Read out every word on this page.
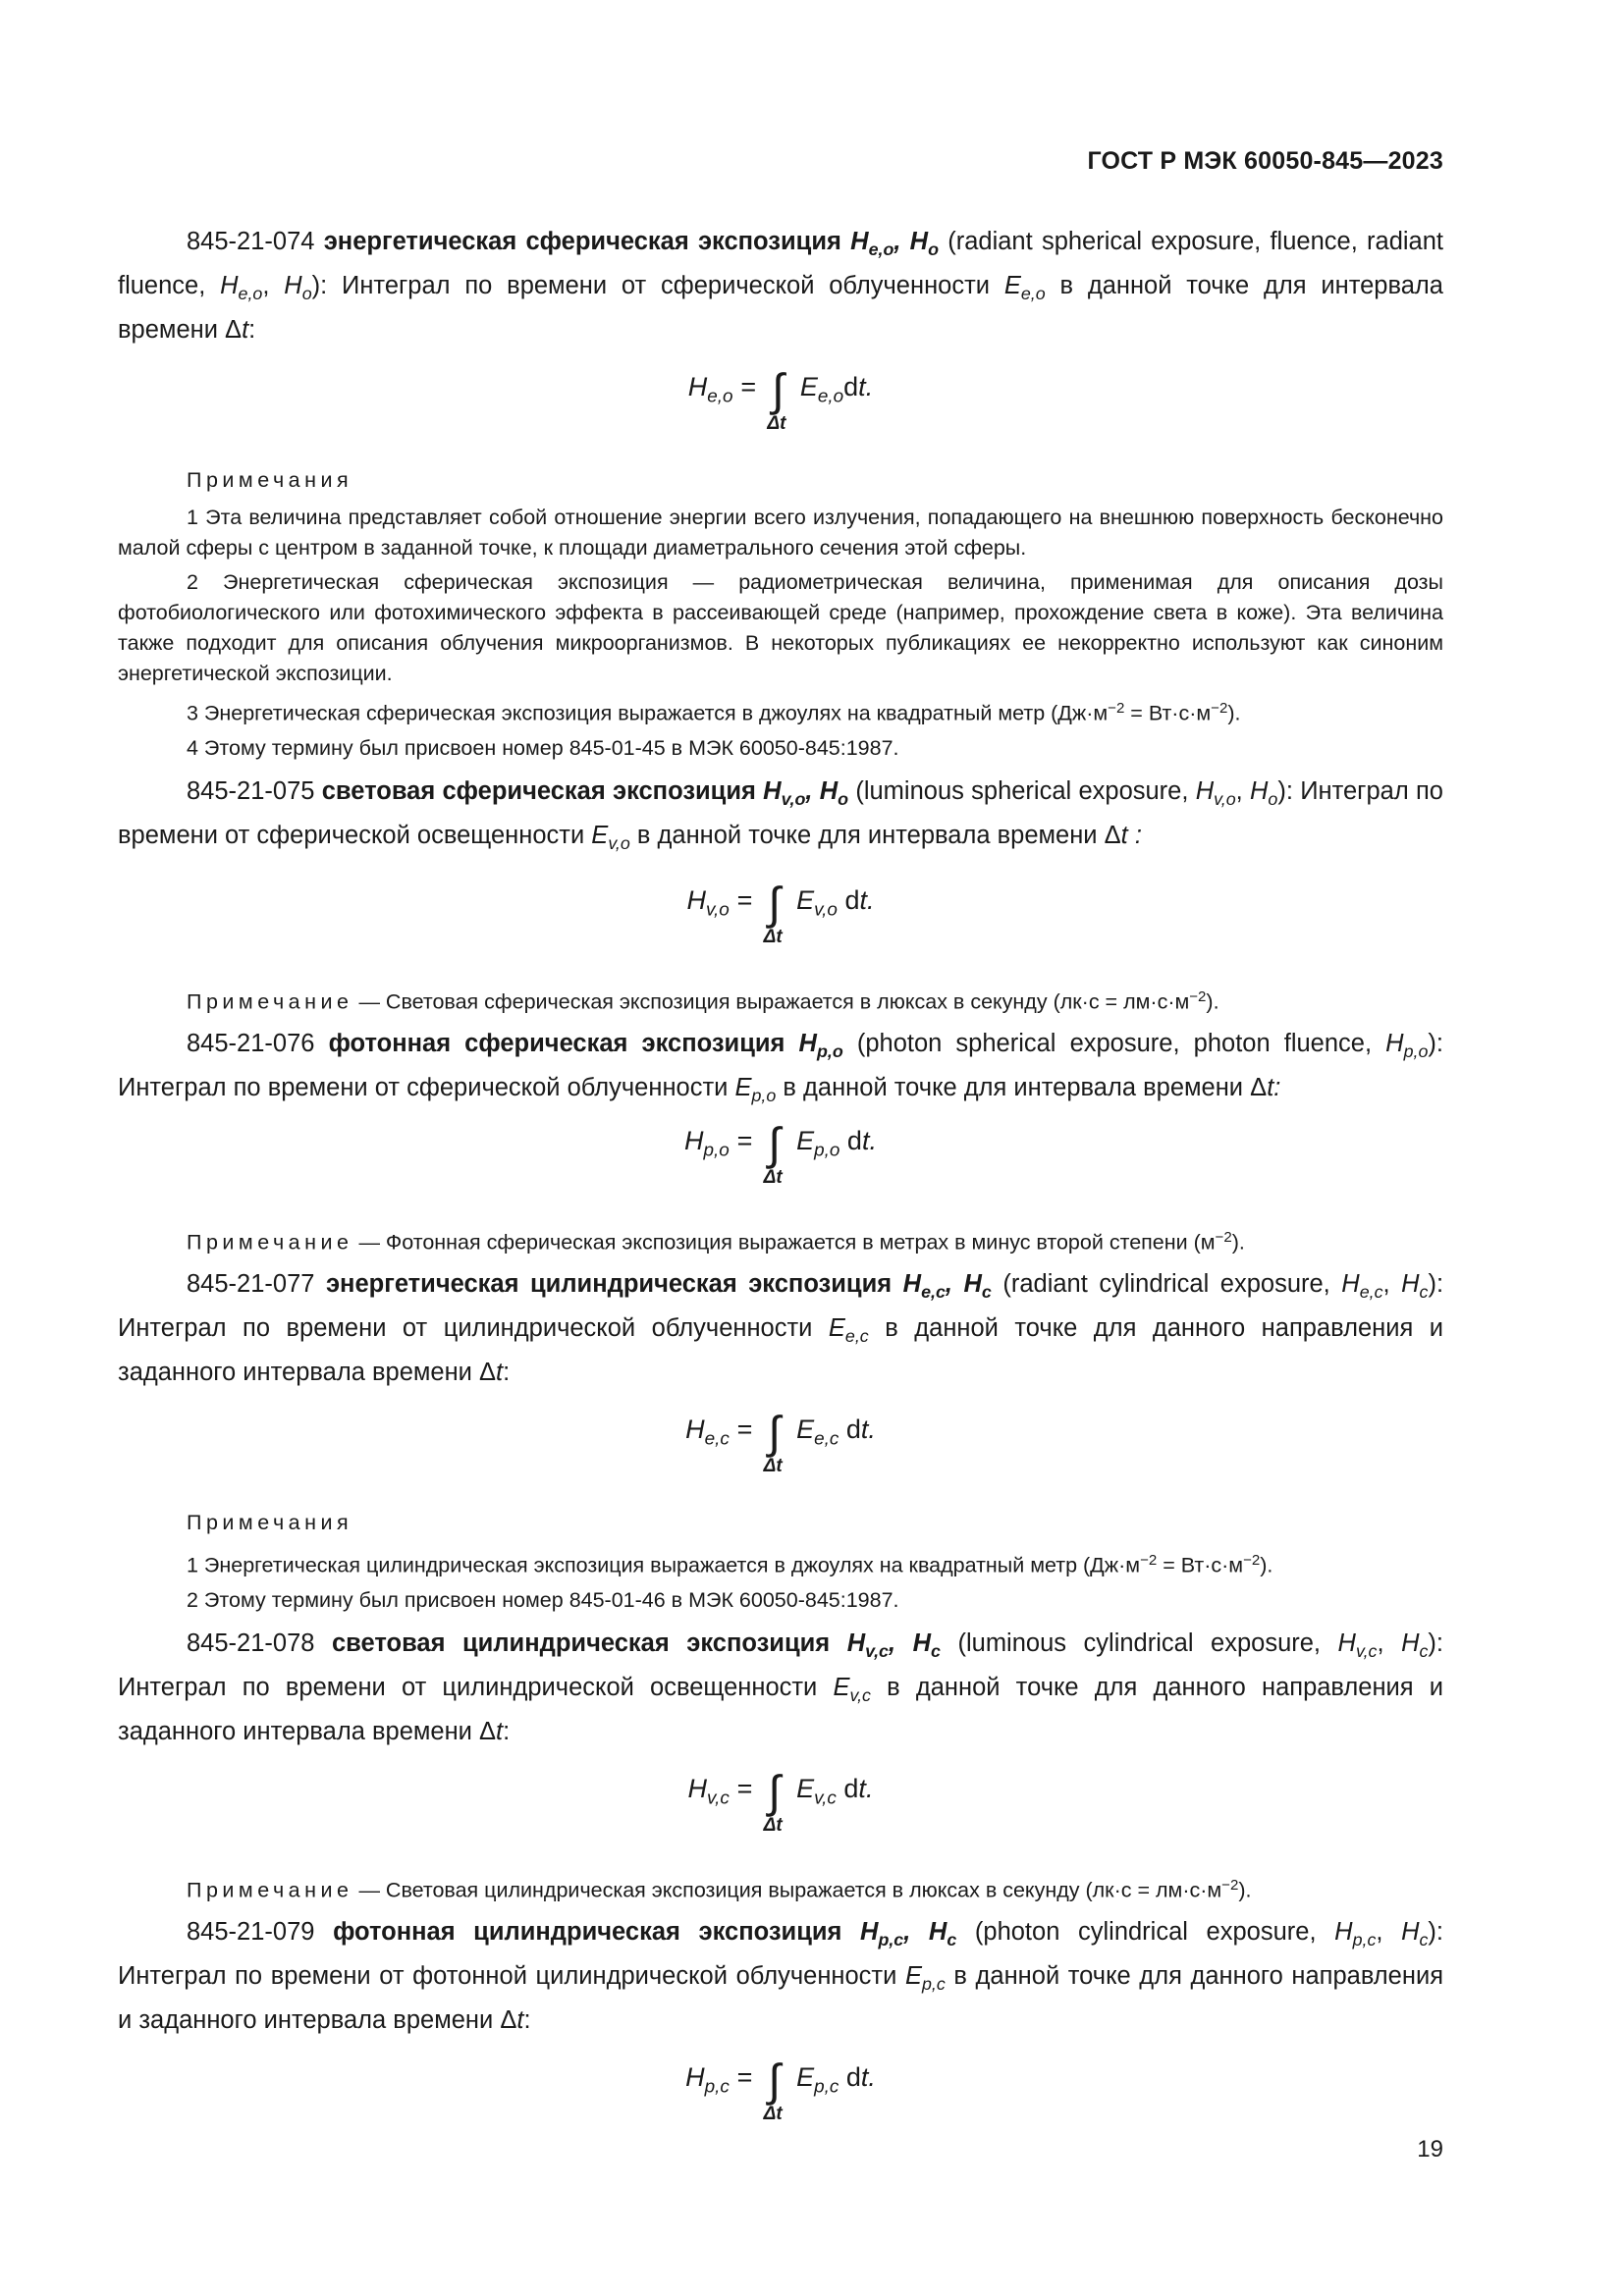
ГОСТ Р МЭК 60050-845—2023

845-21-074 энергетическая сферическая экспозиция $H_{e,o}$, $H_o$ (radiant spherical exposure, fluence, radiant fluence, $H_{e,o}$, $H_o$): Интеграл по времени от сферической облученности $E_{e,o}$ в данной точке для интервала времени Δt:

$H_{e,o}$ = ∫
Δt
$E_{e,o}dt$.
Примечания

1 Эта величина представляет собой отношение энергии всего излучения, попадающего на внешнюю поверхность бесконечно малой сферы с центром в заданной точке, к площади диаметрального сечения этой сферы.

2 Энергетическая сферическая экспозиция — радиометрическая величина, применимая для описания дозы фотобиологического или фотохимического эффекта в рассеивающей среде (например, прохождение света в коже). Эта величина также подходит для описания облучения микроорганизмов. В некоторых публикациях ее некорректно используют как синоним энергетической экспозиции.

3 Энергетическая сферическая экспозиция выражается в джоулях на квадратный метр $(Дж\cdot м^{-2} = Вт\cdot с\cdot м^{-2})$.

4 Этому термину был присвоен номер 845-01-45 в МЭК 60050-845:1987.

845-21-075 световая сферическая экспозиция $H_{v,o}$, $H_o$ (luminous spherical exposure, $H_{v,o}$, $H_o$): Интеграл по времени от сферической освещенности $E_{v,o}$ в данной точке для интервала времени Δt :

$H_{v,o}$ = ∫
Δt
$E_{v,o}$ dt.

Примечание — Световая сферическая экспозиция выражается в люксах в секунду $(лк\cdot с = лм\cdot с\cdot м^{-2})$.

845-21-076 фотонная сферическая экспозиция $H_{p,o}$ (photon spherical exposure, photon fluence, $H_{p,o}$): Интеграл по времени от сферической облученности $E_{p,o}$ в данной точке для интервала времени Δt:

$H_{p,o}$ = ∫
Δt
$E_{p,o}$ dt.

Примечание — Фотонная сферическая экспозиция выражается в метрах в минус второй степени $(м^{-2})$.

845-21-077 энергетическая цилиндрическая экспозиция $H_{e,c}$, $H_c$ (radiant cylindrical exposure, $H_{e,c}$, $H_c$): Интеграл по времени от цилиндрической облученности $E_{e,c}$ в данной точке для данного направления и заданного интервала времени Δt:

$H_{e,c}$ = ∫
Δt
$E_{e,c}$ dt.
Примечания

1 Энергетическая цилиндрическая экспозиция выражается в джоулях на квадратный метр $(Дж\cdot м^{-2} = Вт\cdot с\cdot м^{-2})$.

2 Этому термину был присвоен номер 845-01-46 в МЭК 60050-845:1987.

845-21-078 световая цилиндрическая экспозиция $H_{v,c}$, $H_c$ (luminous cylindrical exposure, $H_{v,c}$, $H_c$): Интеграл по времени от цилиндрической освещенности $E_{v,c}$ в данной точке для данного направления и заданного интервала времени Δt:

$H_{v,c}$ = ∫
Δt
$E_{v,c}$ dt.

Примечание — Световая цилиндрическая экспозиция выражается в люксах в секунду $(лк\cdot с = лм\cdot с\cdot м^{-2})$.

845-21-079 фотонная цилиндрическая экспозиция $H_{p,c}$, $H_c$ (photon cylindrical exposure, $H_{p,c}$, $H_c$): Интеграл по времени от фотонной цилиндрической облученности $E_{p,c}$ в данной точке для данного направления и заданного интервала времени Δt:

$H_{p,c}$ = ∫
Δt
$E_{p,c}$ dt.
19
